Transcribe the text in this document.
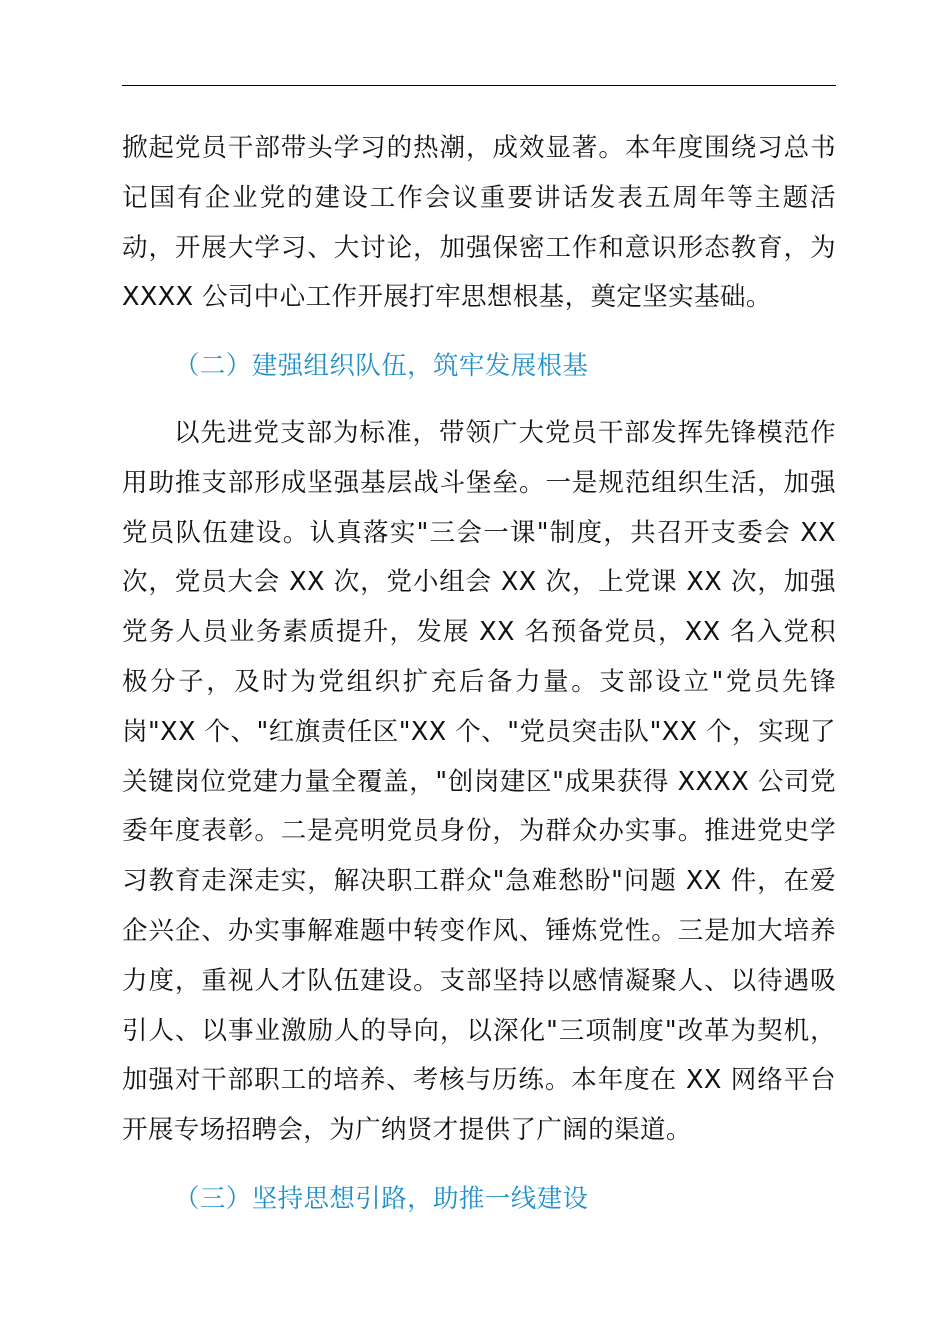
掀起党员干部带头学习的热潮，成效显著。本年度围绕习总书记国有企业党的建设工作会议重要讲话发表五周年等主题活动，开展大学习、大讨论，加强保密工作和意识形态教育，为 XXXX 公司中心工作开展打牢思想根基，奠定坚实基础。

（二）建强组织队伍，筑牢发展根基

以先进党支部为标准，带领广大党员干部发挥先锋模范作用助推支部形成坚强基层战斗堡垒。一是规范组织生活，加强党员队伍建设。认真落实"三会一课"制度，共召开支委会 XX 次，党员大会 XX 次，党小组会 XX 次，上党课 XX 次，加强党务人员业务素质提升，发展 XX 名预备党员，XX 名入党积极分子，及时为党组织扩充后备力量。支部设立"党员先锋岗"XX 个、"红旗责任区"XX 个、"党员突击队"XX 个，实现了关键岗位党建力量全覆盖，"创岗建区"成果获得 XXXX 公司党委年度表彰。二是亮明党员身份，为群众办实事。推进党史学习教育走深走实，解决职工群众"急难愁盼"问题 XX 件，在爱企兴企、办实事解难题中转变作风、锤炼党性。三是加大培养力度，重视人才队伍建设。支部坚持以感情凝聚人、以待遇吸引人、以事业激励人的导向，以深化"三项制度"改革为契机，加强对干部职工的培养、考核与历练。本年度在 XX 网络平台开展专场招聘会，为广纳贤才提供了广阔的渠道。

（三）坚持思想引路，助推一线建设
